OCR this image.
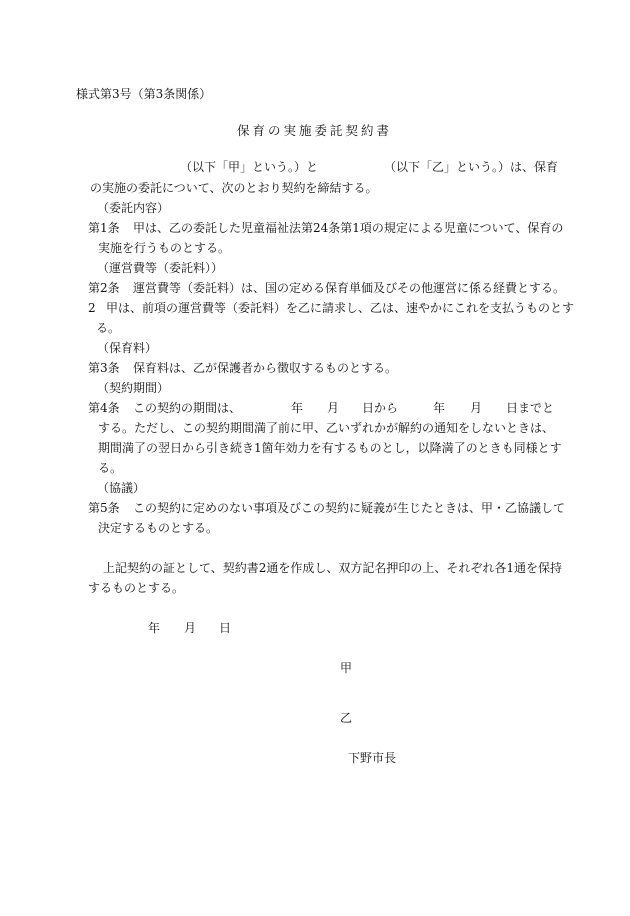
様式第3号（第3条関係）

保育の実施委託契約書

（以下「甲」という。）と	（以下「乙」という。）は、保育

の実施の委託について、次のとおり契約を締結する。

（委託内容）

第1条 甲は、乙の委託した児童福祉法第24条第1項の規定による児童について、保育の

実施を行うものとする。

（運営費等（委託料））

第2条 運営費等（委託料）は、国の定める保育単価及びその他運営に係る経費とする。

2 甲は、前項の運営費等（委託料）を乙に請求し、乙は、速やかにこれを支払うものとす

る。

（保育料）

第3条 保育料は、乙が保護者から徴収するものとする。

（契約期間）

第4条 この契約の期間は、	年 月 日から	年 月 日までと

する。ただし、この契約期間満了前に甲、乙いずれかが解約の通知をしないときは、

期間満了の翌日から引き続き1箇年効力を有するものとし，以降満了のときも同様とす

る。

（協議）

第5条 この契約に定めのない事項及びこの契約に疑義が生じたときは、甲・乙協議して

決定するものとする。

上記契約の証として、契約書2通を作成し、双方記名押印の上、それぞれ各1通を保持

するものとする。

年 月 日

甲

乙

下野市長
